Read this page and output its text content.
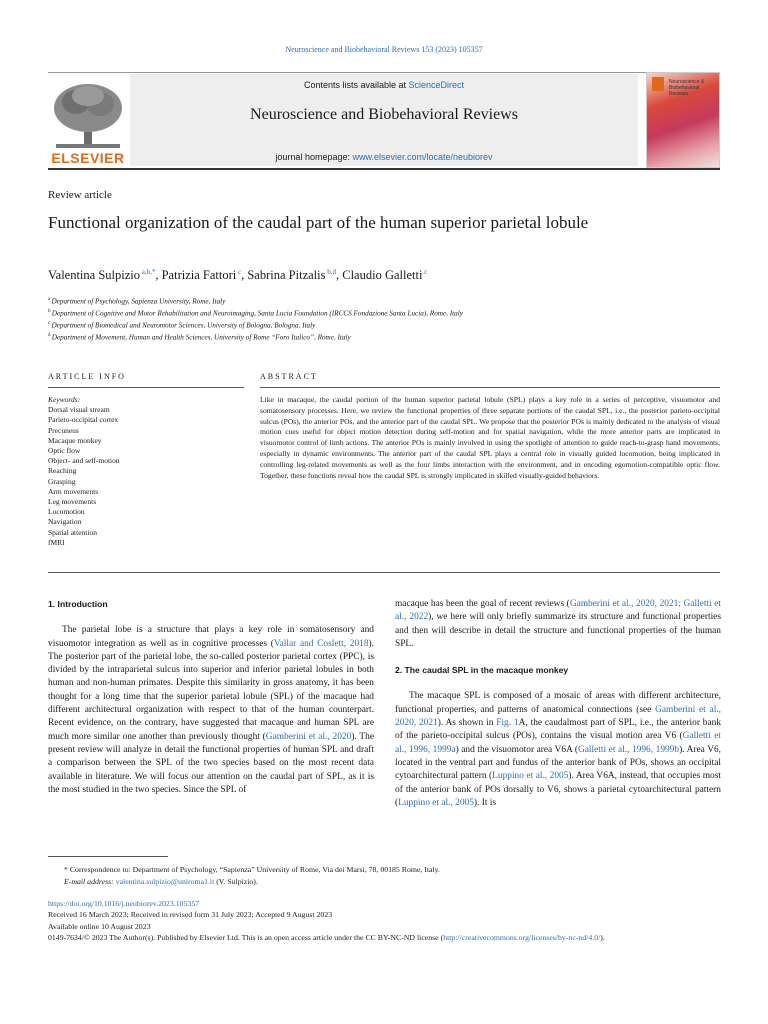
Neuroscience and Biobehavioral Reviews 153 (2023) 105357
ELSEVIER
Contents lists available at ScienceDirect
Neuroscience and Biobehavioral Reviews
journal homepage: www.elsevier.com/locate/neubiorev
Neuroscience & Biobehavioral Reviews
Review article
Functional organization of the caudal part of the human superior parietal lobule
Valentina Sulpizio $^{a,b,*}$, Patrizia Fattori $^c$, Sabrina Pitzalis $^{b,d}$, Claudio Galletti $^c$
$^a$ Department of Psychology, Sapienza University, Rome, Italy
$^b$ Department of Cognitive and Motor Rehabilitation and Neuroimaging, Santa Lucia Foundation (IRCCS Fondazione Santa Lucia), Rome, Italy
$^c$ Department of Biomedical and Neuromotor Sciences, University of Bologna, Bologna, Italy
$^d$ Department of Movement, Human and Health Sciences, University of Rome “Foro Italico”, Rome, Italy
ARTICLE INFO	ABSTRACT
Keywords:
Dorsal visual stream
Parieto-occipital cortex
Precuneus
Macaque monkey
Optic flow
Object- and self-motion
Reaching
Grasping
Arm movements
Leg movements
Locomotion
Navigation
Spatial attention
fMRI
Like in macaque, the caudal portion of the human superior parietal lobule (SPL) plays a key role in a series of perceptive, visuomotor and somatosensory processes. Here, we review the functional properties of three separate portions of the caudal SPL, i.e., the posterior parieto-occipital sulcus (POs), the anterior POs, and the anterior part of the caudal SPL. We propose that the posterior POs is mainly dedicated to the analysis of visual motion cues useful for object motion detection during self-motion and for spatial navigation, while the more anterior parts are implicated in visuomotor control of limb actions. The anterior POs is mainly involved in using the spotlight of attention to guide reach-to-grasp hand movements, especially in dynamic environments. The anterior part of the caudal SPL plays a central role in visually guided locomotion, being implicated in controlling leg-related movements as well as the four limbs interaction with the environment, and in encoding egomotion-compatible optic flow. Together, these functions reveal how the caudal SPL is strongly implicated in skilled visually-guided behaviors.
1. Introduction

The parietal lobe is a structure that plays a key role in somatosensory and visuomotor integration as well as in cognitive processes (Vallar and Coslett, 2018). The posterior part of the parietal lobe, the so-called posterior parietal cortex (PPC), is divided by the intraparietal sulcus into superior and inferior parietal lobules in both human and non-human primates. Despite this similarity in gross anatomy, it has been thought for a long time that the superior parietal lobule (SPL) of the macaque had different architectural organization with respect to that of the human counterpart. Recent evidence, on the contrary, have suggested that macaque and human SPL are much more similar one another than previously thought (Gamberini et al., 2020). The present review will analyze in detail the functional properties of human SPL and draft a comparison between the SPL of the two species based on the most recent data available in literature. We will focus our attention on the caudal part of SPL, as it is the most studied in the two species. Since the SPL of

macaque has been the goal of recent reviews (Gamberini et al., 2020, 2021; Galletti et al., 2022), we here will only briefly summarize its structure and functional properties and then will describe in detail the structure and functional properties of the human SPL.

2. The caudal SPL in the macaque monkey

The macaque SPL is composed of a mosaic of areas with different architecture, functional properties, and patterns of anatomical connections (see Gamberini et al., 2020, 2021). As shown in Fig. 1A, the caudalmost part of SPL, i.e., the anterior bank of the parieto-occipital sulcus (POs), contains the visual motion area V6 (Galletti et al., 1996, 1999a) and the visuomotor area V6A (Galletti et al., 1996, 1999b). Area V6, located in the ventral part and fundus of the anterior bank of POs, shows an occipital cytoarchitectural pattern (Luppino et al., 2005). Area V6A, instead, that occupies most of the anterior bank of POs dorsally to V6, shows a parietal cytoarchitectural pattern (Luppino et al., 2005). It is

* Correspondence to: Department of Psychology, “Sapienza” University of Rome, Via dei Marsi, 78, 00185 Rome, Italy.
E-mail address: valentina.sulpizio@uniroma1.it (V. Sulpizio).
https://doi.org/10.1016/j.neubiorev.2023.105357
Received 16 March 2023; Received in revised form 31 July 2023; Accepted 9 August 2023
Available online 10 August 2023
0149-7634/© 2023 The Author(s). Published by Elsevier Ltd. This is an open access article under the CC BY-NC-ND license (http://creativecommons.org/licenses/by-nc-nd/4.0/).
